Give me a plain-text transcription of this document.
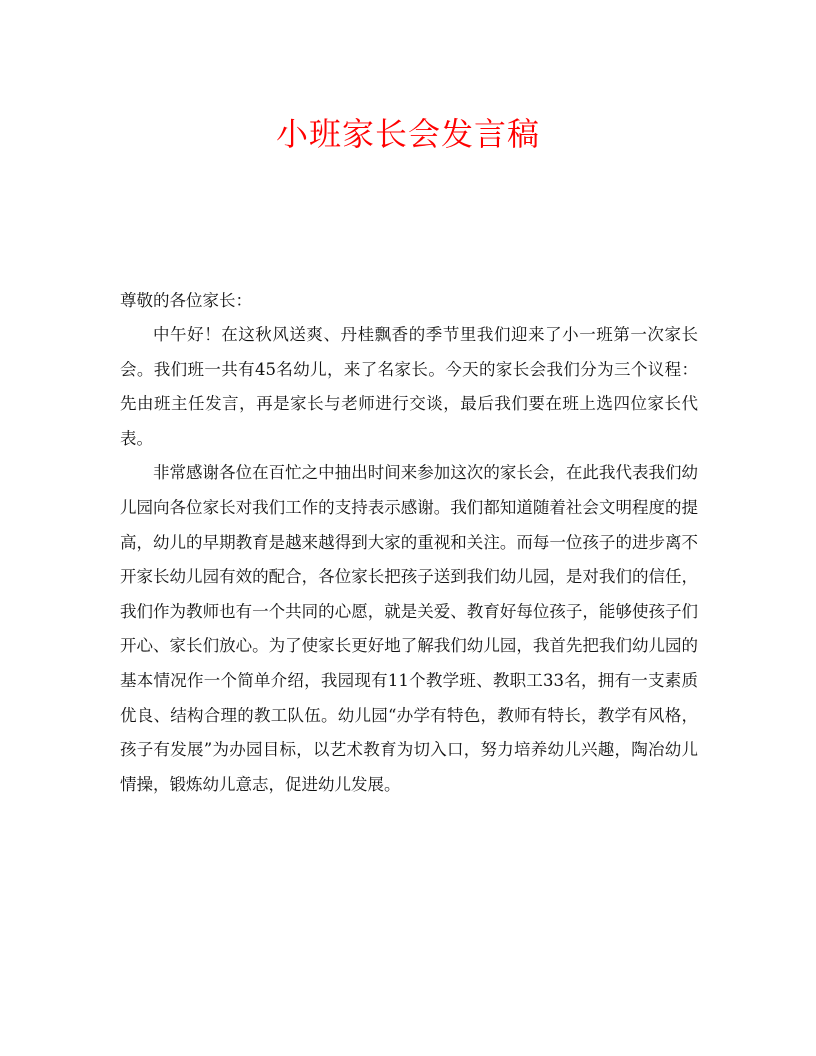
小班家长会发言稿

尊敬的各位家长：

中午好！在这秋风送爽、丹桂飘香的季节里我们迎来了小一班第一次家长会。我们班一共有45名幼儿，来了名家长。今天的家长会我们分为三个议程：先由班主任发言，再是家长与老师进行交谈，最后我们要在班上选四位家长代表。

非常感谢各位在百忙之中抽出时间来参加这次的家长会，在此我代表我们幼儿园向各位家长对我们工作的支持表示感谢。我们都知道随着社会文明程度的提高，幼儿的早期教育是越来越得到大家的重视和关注。而每一位孩子的进步离不开家长幼儿园有效的配合，各位家长把孩子送到我们幼儿园，是对我们的信任，我们作为教师也有一个共同的心愿，就是关爱、教育好每位孩子，能够使孩子们开心、家长们放心。为了使家长更好地了解我们幼儿园，我首先把我们幼儿园的基本情况作一个简单介绍，我园现有11个教学班、教职工33名，拥有一支素质优良、结构合理的教工队伍。幼儿园“办学有特色，教师有特长，教学有风格，孩子有发展”为办园目标，以艺术教育为切入口，努力培养幼儿兴趣，陶冶幼儿情操，锻炼幼儿意志，促进幼儿发展。
